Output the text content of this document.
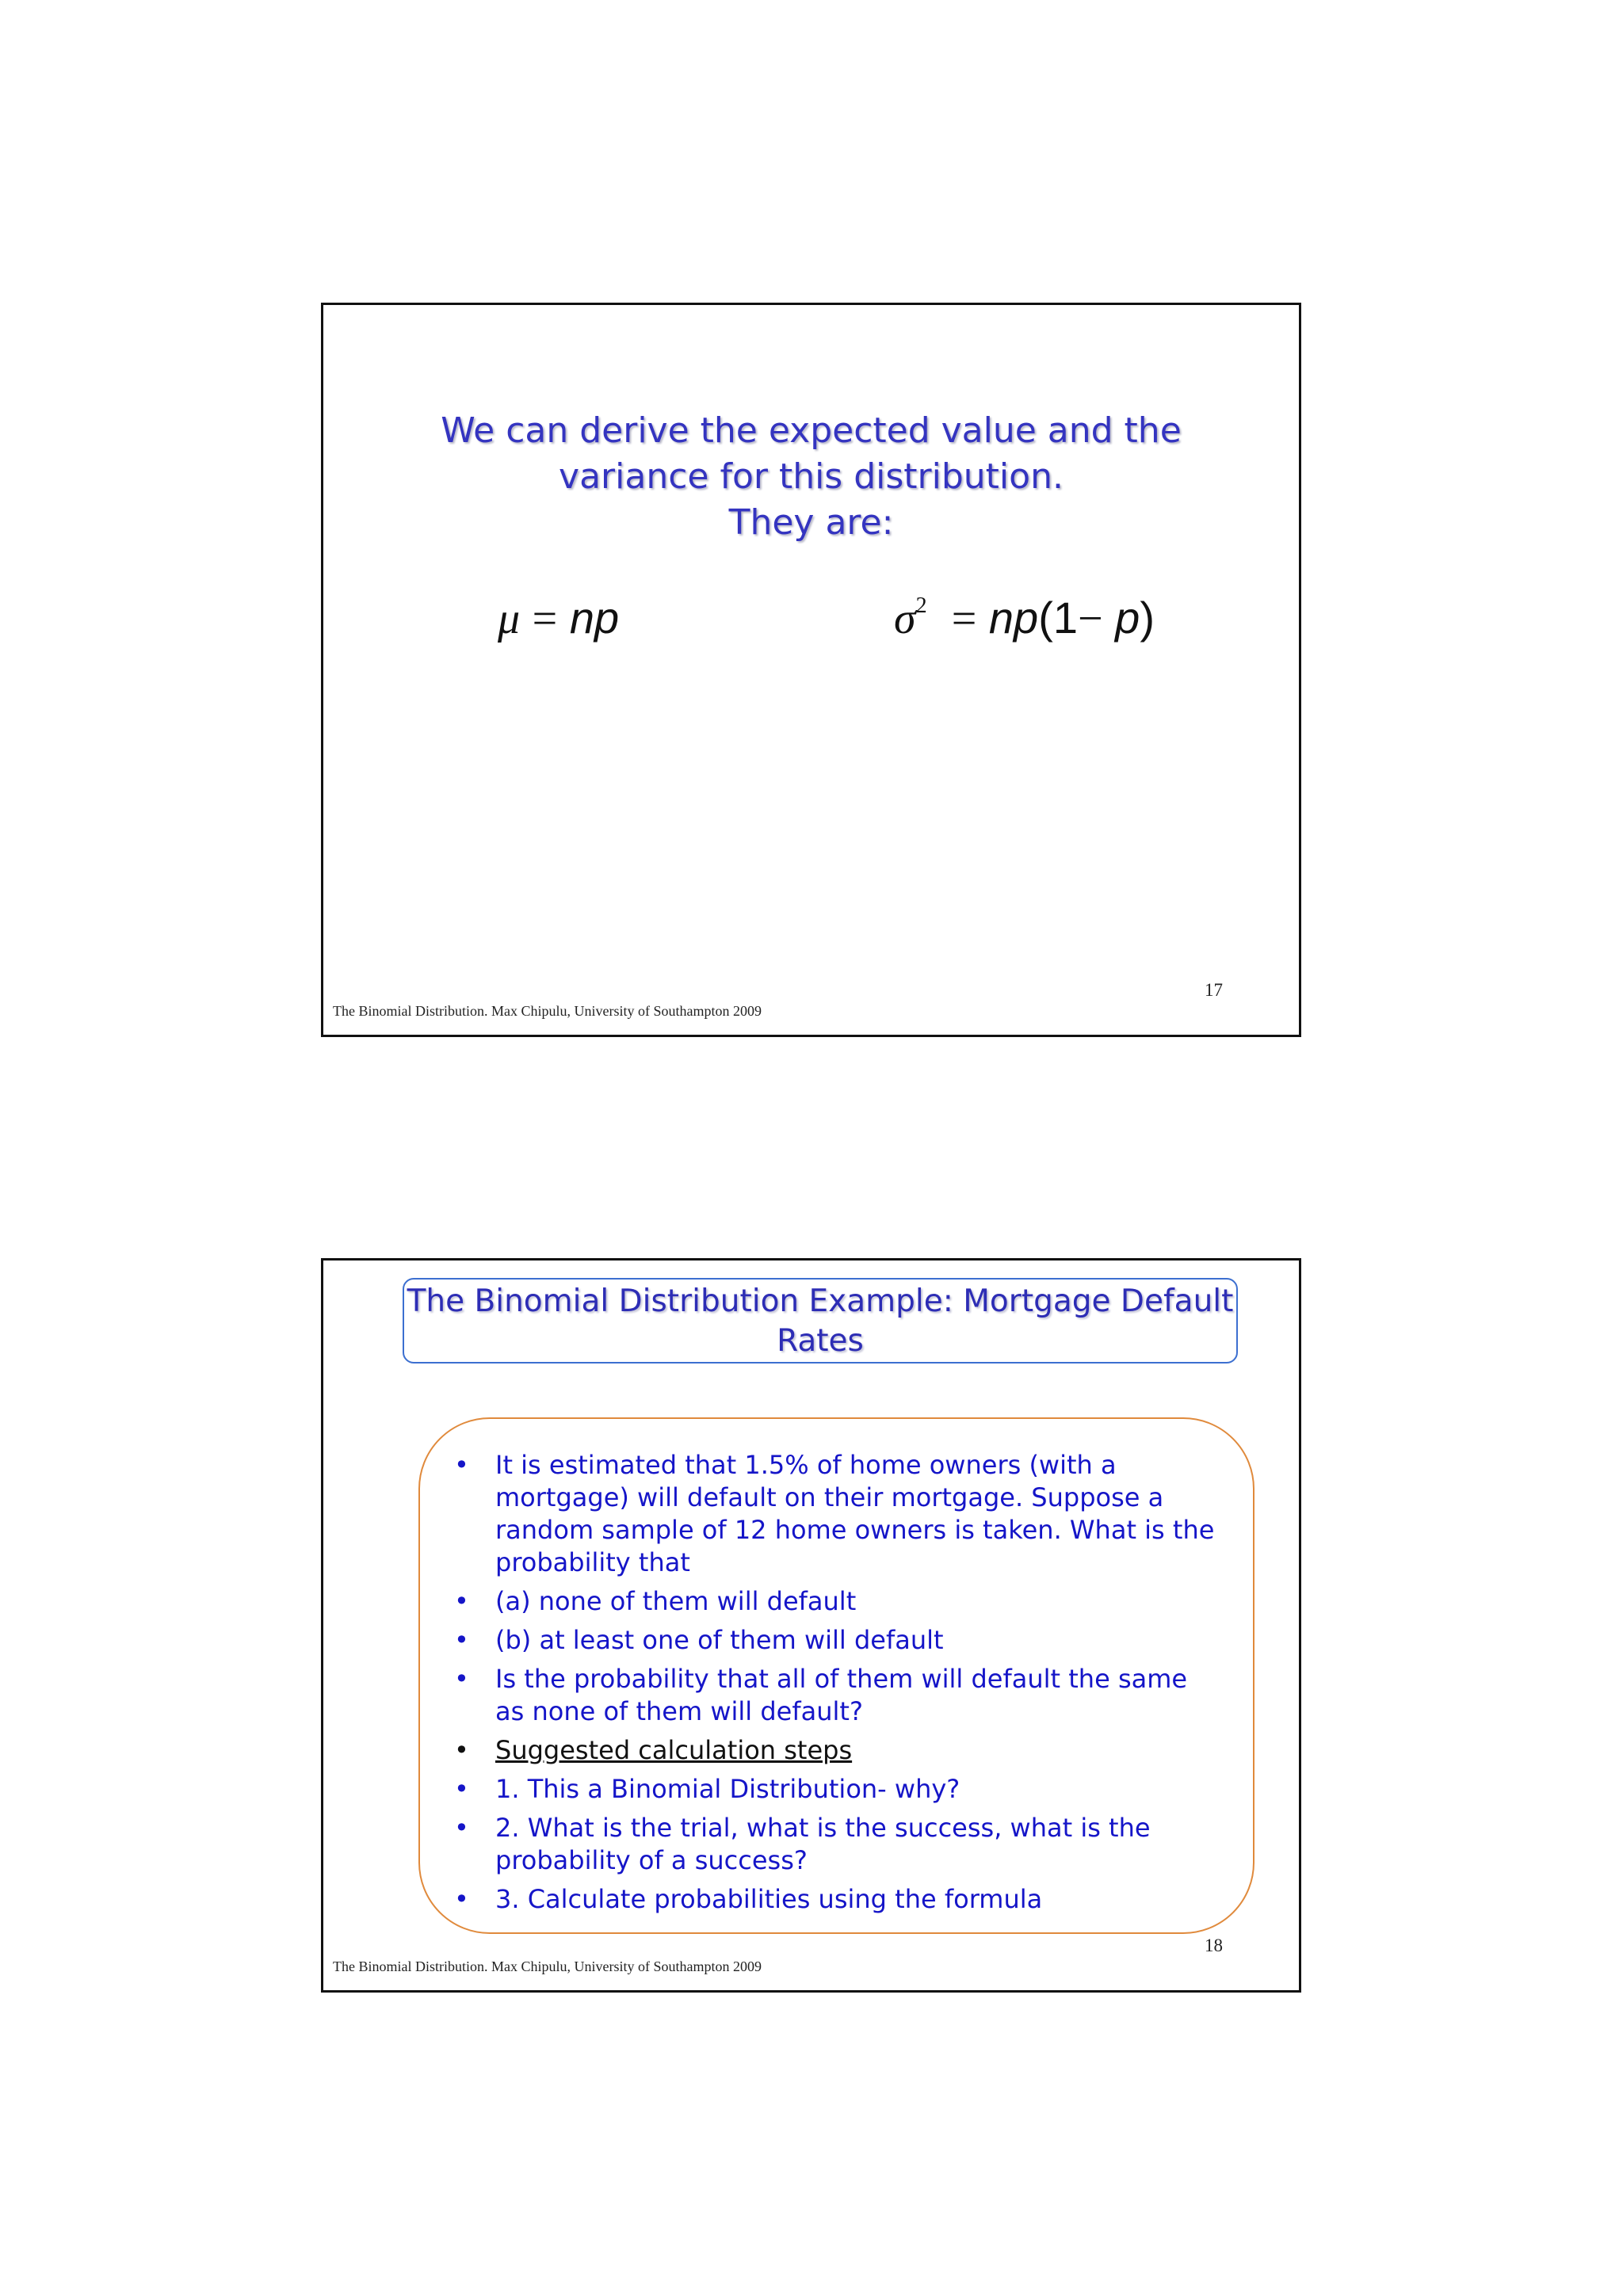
We can derive the expected value and the
variance for this distribution.
They are:
μ = np	$\sigma^2 = np(1- p)$
17
The Binomial Distribution. Max Chipulu, University of Southampton 2009
The Binomial Distribution Example: Mortgage Default
Rates
•	It is estimated that 1.5% of home owners (with a mortgage) will default on their mortgage. Suppose a random sample of 12 home owners is taken. What is the probability that
•	(a) none of them will default
•	(b) at least one of them will default
•	Is the probability that all of them will default the same as none of them will default?
•	Suggested calculation steps
•	1. This a Binomial Distribution- why?
•	2. What is the trial, what is the success, what is the probability of a success?
•	3. Calculate probabilities using the formula
18
The Binomial Distribution. Max Chipulu, University of Southampton 2009
